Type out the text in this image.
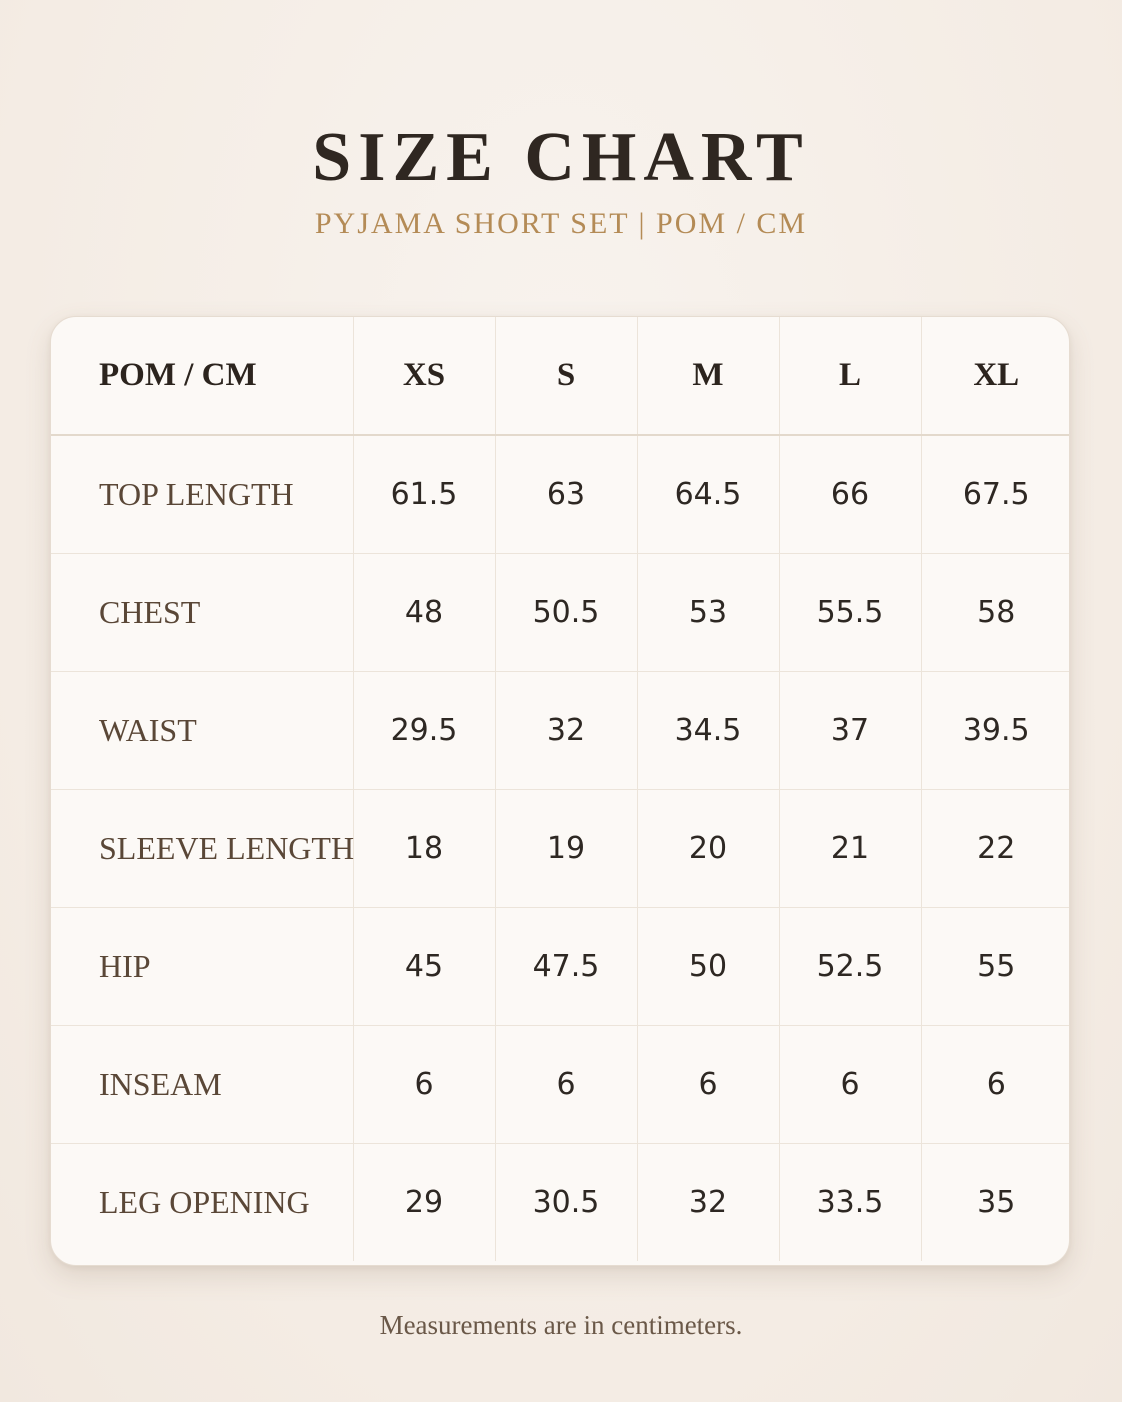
SIZE CHART
PYJAMA SHORT SET | POM / CM
POM / CM	XS	S	M	L	XL
TOP LENGTH	61.5	63	64.5	66	67.5
CHEST	48	50.5	53	55.5	58
WAIST	29.5	32	34.5	37	39.5
SLEEVE LENGTH	18	19	20	21	22
HIP	45	47.5	50	52.5	55
INSEAM	6	6	6	6	6
LEG OPENING	29	30.5	32	33.5	35
Measurements are in centimeters.
